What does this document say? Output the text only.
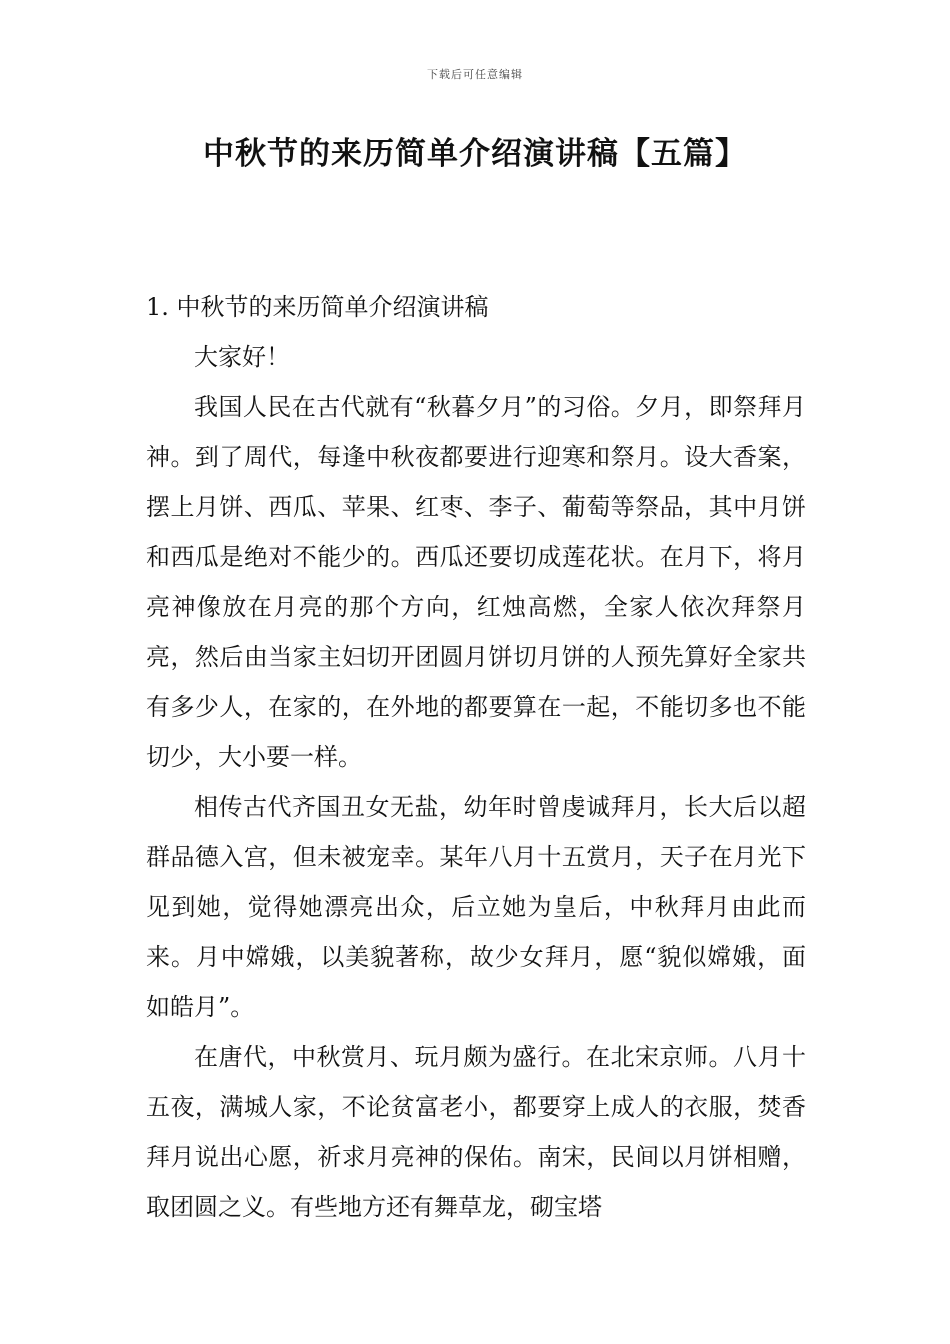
下载后可任意编辑
中秋节的来历简单介绍演讲稿【五篇】

1. 中秋节的来历简单介绍演讲稿

大家好！

我国人民在古代就有“秋暮夕月”的习俗。夕月，即祭拜月神。到了周代，每逢中秋夜都要进行迎寒和祭月。设大香案，摆上月饼、西瓜、苹果、红枣、李子、葡萄等祭品，其中月饼和西瓜是绝对不能少的。西瓜还要切成莲花状。在月下，将月亮神像放在月亮的那个方向，红烛高燃，全家人依次拜祭月亮，然后由当家主妇切开团圆月饼切月饼的人预先算好全家共有多少人，在家的，在外地的都要算在一起，不能切多也不能切少，大小要一样。

相传古代齐国丑女无盐，幼年时曾虔诚拜月，长大后以超群品德入宫，但未被宠幸。某年八月十五赏月，天子在月光下见到她，觉得她漂亮出众，后立她为皇后，中秋拜月由此而来。月中嫦娥，以美貌著称，故少女拜月，愿“貌似嫦娥，面如皓月”。

在唐代，中秋赏月、玩月颇为盛行。在北宋京师。八月十五夜，满城人家，不论贫富老小，都要穿上成人的衣服，焚香拜月说出心愿，祈求月亮神的保佑。南宋，民间以月饼相赠，取团圆之义。有些地方还有舞草龙，砌宝塔
